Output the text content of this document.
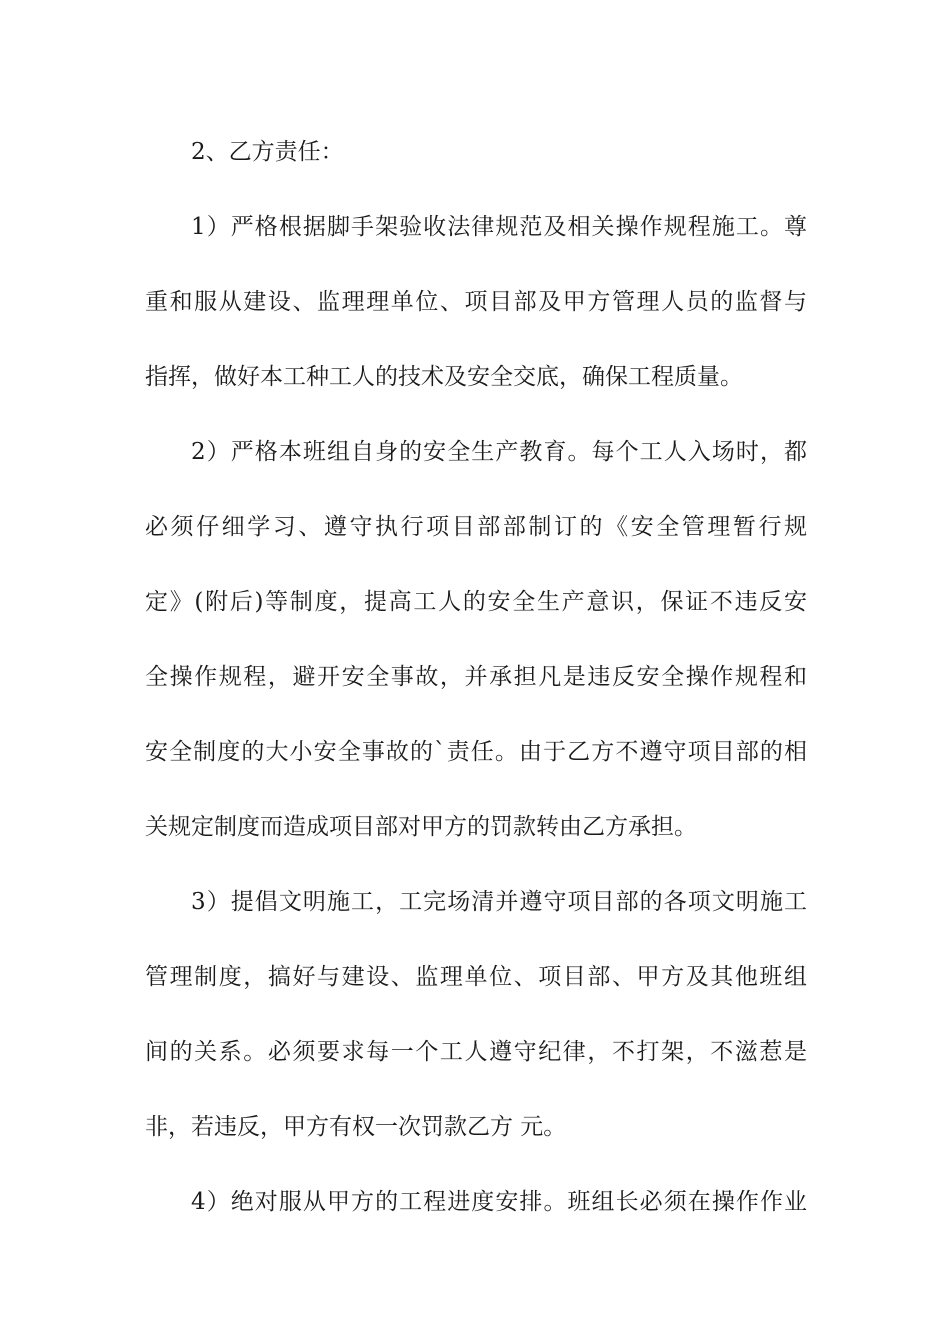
2、乙方责任：
1）严格根据脚手架验收法律规范及相关操作规程施工。尊
重和服从建设、监理理单位、项目部及甲方管理人员的监督与
指挥，做好本工种工人的技术及安全交底，确保工程质量。
2）严格本班组自身的安全生产教育。每个工人入场时，都
必须仔细学习、遵守执行项目部部制订的《安全管理暂行规
定》(附后)等制度，提高工人的安全生产意识，保证不违反安
全操作规程，避开安全事故，并承担凡是违反安全操作规程和
安全制度的大小安全事故的`责任。由于乙方不遵守项目部的相
关规定制度而造成项目部对甲方的罚款转由乙方承担。
3）提倡文明施工，工完场清并遵守项目部的各项文明施工
管理制度，搞好与建设、监理单位、项目部、甲方及其他班组
间的关系。必须要求每一个工人遵守纪律，不打架，不滋惹是
非，若违反，甲方有权一次罚款乙方 元。
4）绝对服从甲方的工程进度安排。班组长必须在操作作业
